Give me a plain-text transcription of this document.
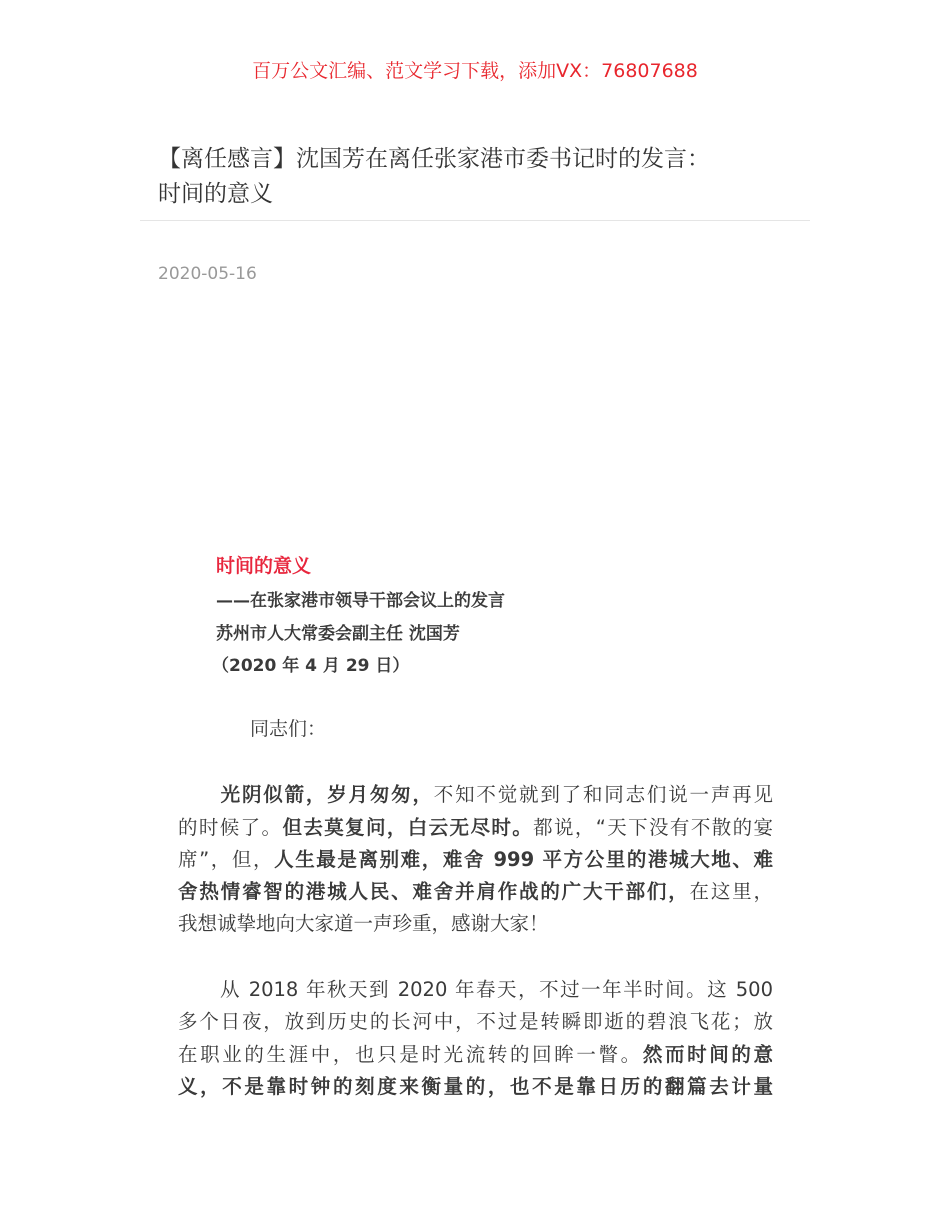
百万公文汇编、范文学习下载，添加VX：76807688
【离任感言】沈国芳在离任张家港市委书记时的发言：
时间的意义
2020-05-16
时间的意义
——在张家港市领导干部会议上的发言
苏州市人大常委会副主任 沈国芳
（2020 年 4 月 29 日）
同志们：
　　光阴似箭，岁月匆匆，不知不觉就到了和同志们说一声再见
的时候了。但去莫复问，白云无尽时。都说，“天下没有不散的宴
席”，但，人生最是离别难，难舍 999 平方公里的港城大地、难
舍热情睿智的港城人民、难舍并肩作战的广大干部们，在这里，
我想诚挚地向大家道一声珍重，感谢大家！
　　从 2018 年秋天到 2020 年春天，不过一年半时间。这 500
多个日夜，放到历史的长河中，不过是转瞬即逝的碧浪飞花；放
在职业的生涯中，也只是时光流转的回眸一瞥。然而时间的意
义，不是靠时钟的刻度来衡量的，也不是靠日历的翻篇去计量
